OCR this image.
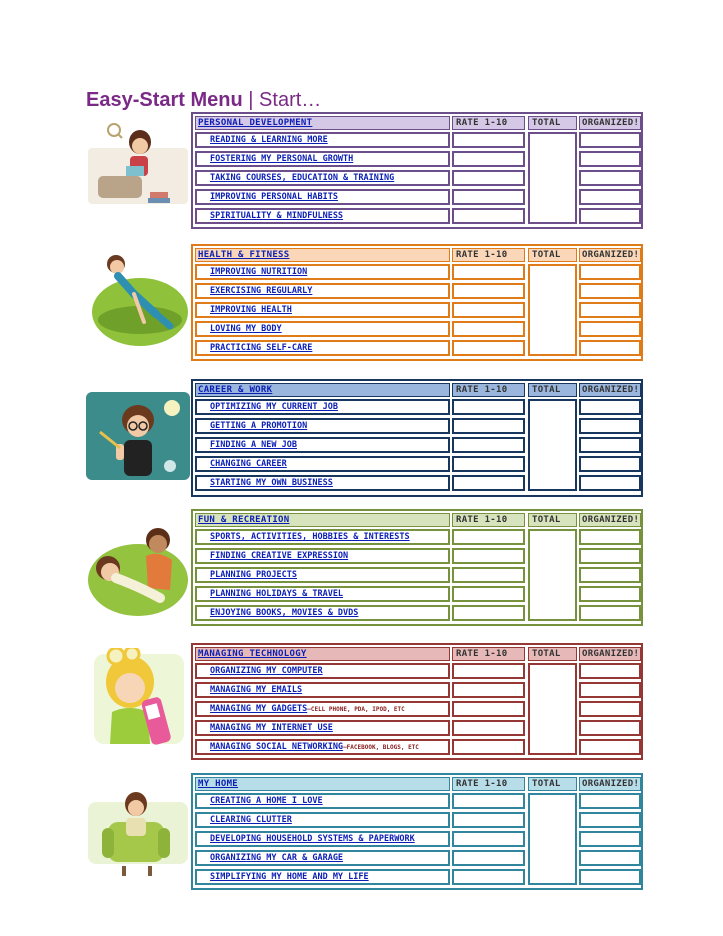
Easy-Start Menu | Start…
PERSONAL DEVELOPMENT	RATE 1-10	TOTAL	ORGANIZED!
READING & LEARNING MORE
FOSTERING MY PERSONAL GROWTH
TAKING COURSES, EDUCATION & TRAINING
IMPROVING PERSONAL HABITS
SPIRITUALITY & MINDFULNESS
HEALTH & FITNESS	RATE 1-10	TOTAL	ORGANIZED!
IMPROVING NUTRITION
EXERCISING REGULARLY
IMPROVING HEALTH
LOVING MY BODY
PRACTICING SELF-CARE
CAREER & WORK	RATE 1-10	TOTAL	ORGANIZED!
OPTIMIZING MY CURRENT JOB
GETTING A PROMOTION
FINDING A NEW JOB
CHANGING CAREER
STARTING MY OWN BUSINESS
FUN & RECREATION	RATE 1-10	TOTAL	ORGANIZED!
SPORTS, ACTIVITIES, HOBBIES & INTERESTS
FINDING CREATIVE EXPRESSION
PLANNING PROJECTS
PLANNING HOLIDAYS & TRAVEL
ENJOYING BOOKS, MOVIES & DVDS
MANAGING TECHNOLOGY	RATE 1-10	TOTAL	ORGANIZED!
ORGANIZING MY COMPUTER
MANAGING MY EMAILS
MANAGING MY GADGETS—CELL PHONE, PDA, IPOD, ETC
MANAGING MY INTERNET USE
MANAGING SOCIAL NETWORKING—FACEBOOK, BLOGS, ETC
MY HOME	RATE 1-10	TOTAL	ORGANIZED!
CREATING A HOME I LOVE
CLEARING CLUTTER
DEVELOPING HOUSEHOLD SYSTEMS & PAPERWORK
ORGANIZING MY CAR & GARAGE
SIMPLIFYING MY HOME AND MY LIFE
